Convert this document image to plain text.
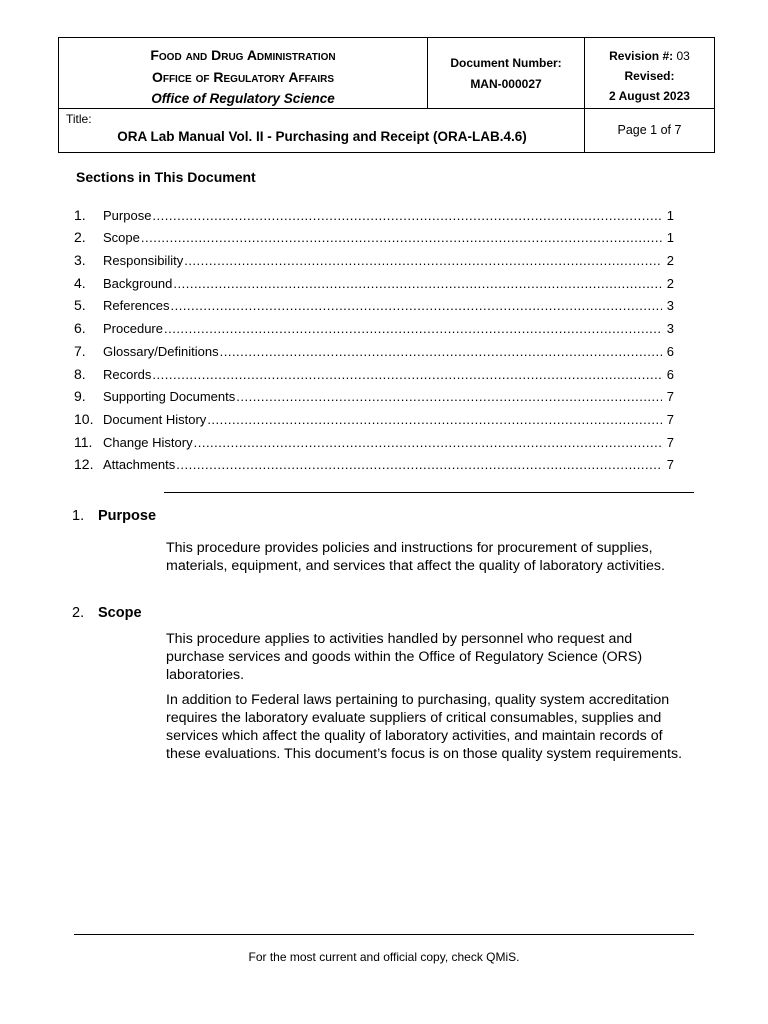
Food and Drug Administration
Office of Regulatory Affairs
Office of Regulatory Science
Document Number:
MAN-000027
Revision #: 03
Revised:
2 August 2023
Title:
ORA Lab Manual Vol. II - Purchasing and Receipt (ORA-LAB.4.6)	Page 1 of 7
Sections in This Document
1.	Purpose .....	1
2.	Scope .....	1
3.	Responsibility .....	2
4.	Background .....	2
5.	References .....	3
6.	Procedure .....	3
7.	Glossary/Definitions .....	6
8.	Records .....	6
9.	Supporting Documents .....	7
10. Document History .....	7
11. Change History .....	7
12. Attachments .....	7
1. Purpose
This procedure provides policies and instructions for procurement of supplies, materials, equipment, and services that affect the quality of laboratory activities.
2. Scope
This procedure applies to activities handled by personnel who request and purchase services and goods within the Office of Regulatory Science (ORS) laboratories.
In addition to Federal laws pertaining to purchasing, quality system accreditation requires the laboratory evaluate suppliers of critical consumables, supplies and services which affect the quality of laboratory activities, and maintain records of these evaluations. This document’s focus is on those quality system requirements.
For the most current and official copy, check QMiS.
